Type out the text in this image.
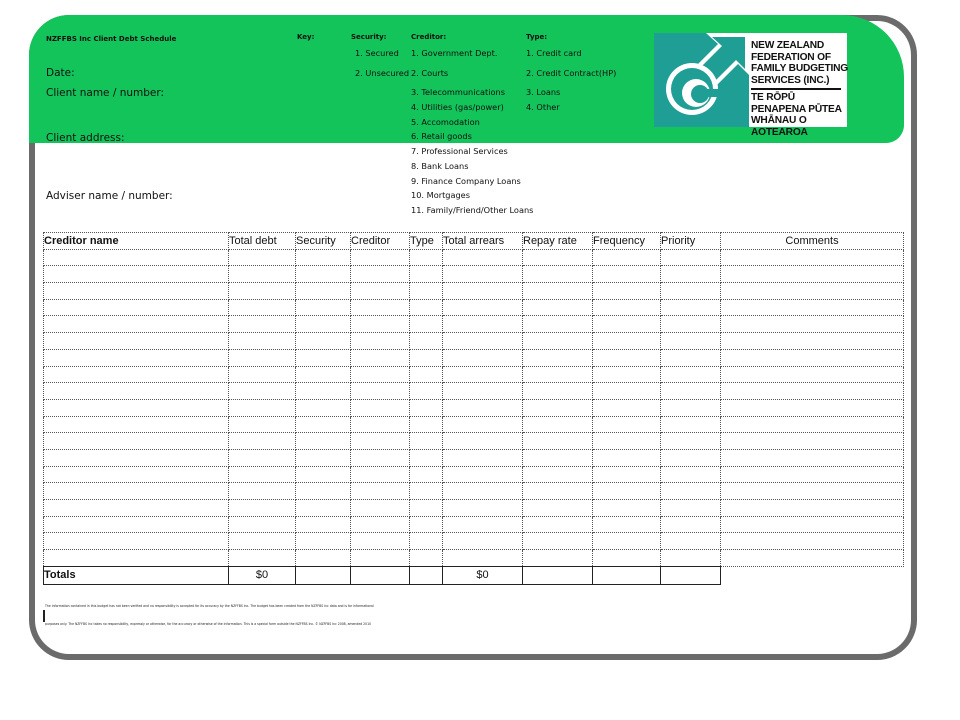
NZFFBS Inc Client Debt Schedule	Key:	Security:
1. Secured
2. Unsecured
Creditor:
1. Government Dept.
2. Courts
3. Telecommunications
4. Utilities (gas/power)
5. Accomodation
6. Retail goods
7. Professional Services
8. Bank Loans
9. Finance Company Loans
10. Mortgages
11. Family/Friend/Other Loans
Type:
1. Credit card
2. Credit Contract(HP)
3. Loans
4. Other
Date:
Client name / number:
Client address:
Adviser name / number:
NEW ZEALAND FEDERATION OF
FAMILY BUDGETING SERVICES (INC.)
TE RŌPŪ PENAPENA PŪTEA
WHĀNAU O AOTEAROA
Creditor name	Total debt	Security	Creditor	Type	Total arrears	Repay rate	Frequency	Priority	Comments

Totals	$0				$0				
The information contained in this budget has not been verified and no responsibility is accepted for its accuracy by the NZFFBS Inc. The budget has been created from the NZFFBS Inc data and is for informational
purposes only. The NZFFBS Inc takes no responsibility, expressly or otherwise, for the accuracy or otherwise of the information. This is a special form outside the NZFFBS Inc. © NZFFBS Inc 2008, amended 2010
